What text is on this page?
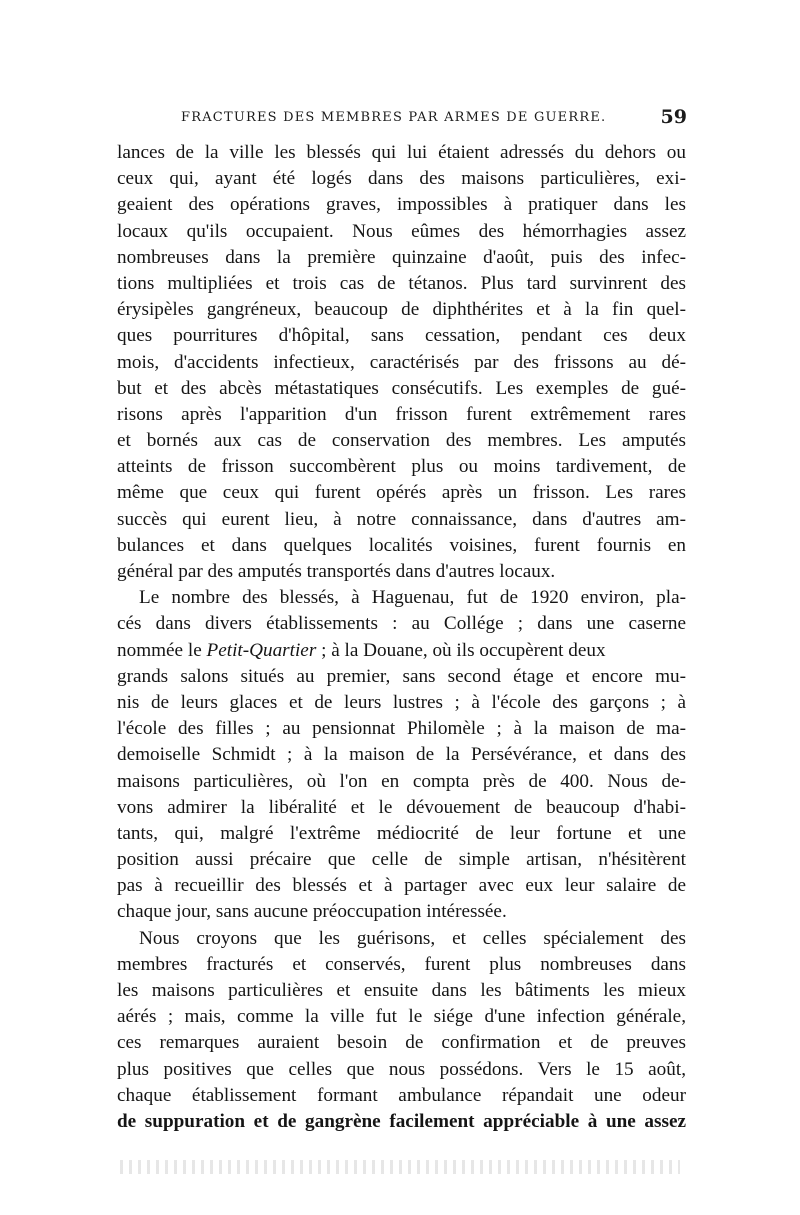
FRACTURES DES MEMBRES PAR ARMES DE GUERRE.	59
lances de la ville les blessés qui lui étaient adressés du dehors ou
ceux qui, ayant été logés dans des maisons particulières, exi-
geaient des opérations graves, impossibles à pratiquer dans les
locaux qu'ils occupaient. Nous eûmes des hémorrhagies assez
nombreuses dans la première quinzaine d'août, puis des infec-
tions multipliées et trois cas de tétanos. Plus tard survinrent des
érysipèles gangréneux, beaucoup de diphthérites et à la fin quel-
ques pourritures d'hôpital, sans cessation, pendant ces deux
mois, d'accidents infectieux, caractérisés par des frissons au dé-
but et des abcès métastatiques consécutifs. Les exemples de gué-
risons après l'apparition d'un frisson furent extrêmement rares
et bornés aux cas de conservation des membres. Les amputés
atteints de frisson succombèrent plus ou moins tardivement, de
même que ceux qui furent opérés après un frisson. Les rares
succès qui eurent lieu, à notre connaissance, dans d'autres am-
bulances et dans quelques localités voisines, furent fournis en
général par des amputés transportés dans d'autres locaux.
Le nombre des blessés, à Haguenau, fut de 1920 environ, pla-
cés dans divers établissements : au Collége ; dans une caserne
nommée le Petit-Quartier ; à la Douane, où ils occupèrent deux
grands salons situés au premier, sans second étage et encore mu-
nis de leurs glaces et de leurs lustres ; à l'école des garçons ; à
l'école des filles ; au pensionnat Philomèle ; à la maison de ma-
demoiselle Schmidt ; à la maison de la Persévérance, et dans des
maisons particulières, où l'on en compta près de 400. Nous de-
vons admirer la libéralité et le dévouement de beaucoup d'habi-
tants, qui, malgré l'extrême médiocrité de leur fortune et une
position aussi précaire que celle de simple artisan, n'hésitèrent
pas à recueillir des blessés et à partager avec eux leur salaire de
chaque jour, sans aucune préoccupation intéressée.
Nous croyons que les guérisons, et celles spécialement des
membres fracturés et conservés, furent plus nombreuses dans
les maisons particulières et ensuite dans les bâtiments les mieux
aérés ; mais, comme la ville fut le siége d'une infection générale,
ces remarques auraient besoin de confirmation et de preuves
plus positives que celles que nous possédons. Vers le 15 août,
chaque établissement formant ambulance répandait une odeur
de suppuration et de gangrène facilement appréciable à une assez
